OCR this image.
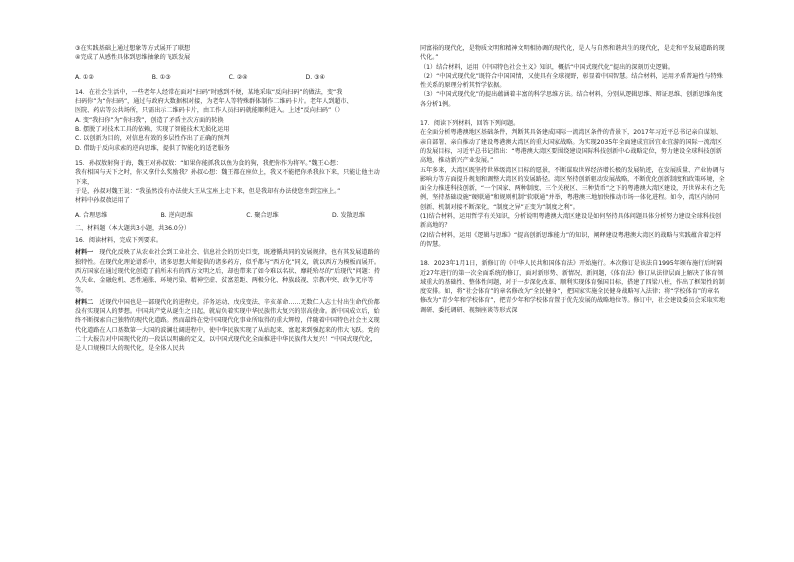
③在实践基础上通过想象等方式展开了联想

④完成了从感性具体到思维抽象的飞跃发展

A. ①②	B. ①③	C. ②④	D. ③④

14．在社会生活中，一些老年人经常在面对“扫码”时感到不便，某地采取“反向扫码”的做法，变“我

扫码你”为“你扫码”，通过与政府大数据相对接，为老年人等特殊群体制作二维码卡片。老年人到超市、

医院、药店等公共场所，只需出示二维码卡片，由工作人员扫码就能顺利进入。上述“反向扫码”（）

A. 变“我扫你”为“你扫我”，创造了矛盾主次方面的转换

B. 摆脱了对技术工具的依赖，实现了智能技术无损化运用

C. 以创新为目的，对信息有效的多层性作出了正确的预判

D. 借助于反向求索的逆向思维，提供了智能化的适老服务

15．孙叔敖射狗于海，魏王对孙叔敖：“如果你能抓我以鱼为食的狗，我把你作为将军。”魏王心想：

我有相国与天下之时，你又拿什么奖励我？孙叔心想：魏王都在座位上，我又不能把你杀我拉下来，只能让他主动下来，

于是，孙叔对魏王说：“我虽然没有办法使大王从宝座上走下来，但是我却有办法使您坐到宝座上。”

材料中孙叔敖运用了

A. 合理思维	B. 逆向思维	C. 聚合思维	D. 发散思维

二、材料题（本大题共3小题，共36.0分）

16．阅读材料，完成下列要求。

材料一　 现代化反映了从农业社会到工业社会、信息社会的历史巨变，既遵循共同的发展规律，也有其发展道路的独特性。在现代化理论谱系中，诸多思想大师提供的诸多药方，似乎都与“西方化”同义，就以西方为模板而展开。西方国家在通过现代化创造了前所未有的西方文明之后，却也带来了如今难以名状、靡耗殆尽的“后现代”问题：持久失业、金融危机、恶性通胀、环境污染、精神空虚、贫富差距、两极分化、种族歧视、宗教冲突、政争无序等等。

材料二　 近现代中国也是一部现代化的进程史。洋务运动、戊戌变法、辛亥革命……无数仁人志士付出生命代价都没有实现国人的梦想。中国共产党从诞生之日起，就肩负着实现中华民族伟大复兴的崇高使命。新中国成立后，始终不断探索自己独特的现代化道路。然而最终在党中国现代化事业所取得的重大辉煌，伴随着中国特色社会主义现代化道路在人口基数第一大国的波澜壮阔进程中，使中华民族实现了从站起来、富起来到强起来的伟大飞跃。党的二十大报告对中国现代化的一段话以明确的定义，以中国式现代化全面推进中华民族伟大复兴！“中国式现代化，是人口规模巨大的现代化，是全体人民共

同富裕的现代化，是物质文明和精神文明相协调的现代化，是人与自然和谐共生的现代化，是走和平发展道路的现代化。”

（1）结合材料，运用《中国特色社会主义》知识，概括“中国式现代化”提出的深刻历史逻辑。

（2）“中国式现代化”既符合中国国情，又使具有全球视野，彰显着中国智慧。结合材料，运用矛盾普遍性与特殊性关系的原理分析其哲学依据。

（3）“中国式现代化”的提出蕴涵着丰富的科学思维方法。结合材料，分别从逻辑思维、辩证思维、创新思维角度各分析1例。

17．阅读下列材料，回答下列问题。

在全面分析粤港澳地区基础条件，判断其具备建成国际一流湾区条件的背景下，2017年习近平总书记亲自谋划、亲自部署、亲自推动了建设粤港澳大湾区的重大国家战略。为实现2035年全面建成宜居宜业宜游的国际一流湾区的发展目标，习近平总书记指出：“粤港澳大湾区要围绕建设国际科技创新中心战略定位，努力建设全球科技创新高地，推动新兴产业发展。”

五年多来，大湾区既坚持世界级湾区目标的愿景，不断谋取世界经济增长极的发展轨迹，在发展质量、产业协调与影响力等方面提升规划和调整大湾区的发展路径。湾区坚持创新驱动发展战略，不断优化创新制度和政策环境，全面全力推进科技创新，“一个国家、两种制度、三个关税区、三种货币”之下的粤港澳大湾区建设，开世界未有之先例，坚持基础设施“硬联通”和规则机制“软联通”并举，粤港澳三地加快推动市场一体化进程。如今，湾区内协同创新、机制对接不断深化，“制度之异”正变为“制度之利”。

(1)结合材料，运用哲学有关知识，分析说明粤港澳大湾区建设是如何坚持具体问题具体分析努力建设全球科技创新高地的？

(2)结合材料，运用《逻辑与思维》“提高创新思维能力”的知识，阐释建设粤港澳大湾区的战略与实践蕴含着怎样的智慧。

18．2023年1月1日，新修订的《中华人民共和国体育法》开始施行。本次修订是该法自1995年颁布施行后时隔近27年进行的第一次全面系统的修订，面对新形势、新情况、新问题，《体育法》修订从法律层面上解决了体育领域重大的基础性、整体性问题，对于一步深化改革、顺利实现体育强国目标，搭建了四梁八柱，作出了框架性的制度安排。如，将“社会体育”的章名修改为“全民健身”，把国家实施全民健身战略写入法律；将“学校体育”的章名修改为“青少年和学校体育”，把青少年和学校体育置于优先发展的战略地位等。修订中，社会建设委员会采取实地调研、委托调研、视频座谈等形式深
